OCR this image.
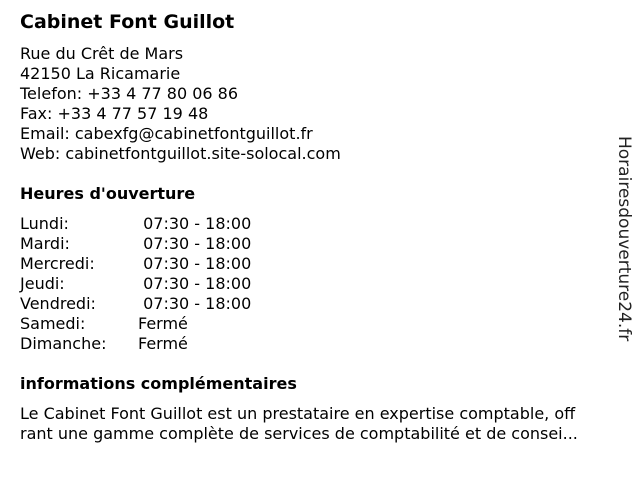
Cabinet Font Guillot
Rue du Crêt de Mars
42150 La Ricamarie
Telefon: +33 4 77 80 06 86
Fax: +33 4 77 57 19 48
Email: cabexfg@cabinetfontguillot.fr
Web: cabinetfontguillot.site-solocal.com
Heures d'ouverture
Lundi:	07:30 - 18:00
Mardi:	07:30 - 18:00
Mercredi:	07:30 - 18:00
Jeudi:	07:30 - 18:00
Vendredi:	07:30 - 18:00
Samedi:	Fermé
Dimanche:	Fermé
informations complémentaires
Le Cabinet Font Guillot est un prestataire en expertise comptable, off
rant une gamme complète de services de comptabilité et de consei...
Horairesdouverture24.fr
